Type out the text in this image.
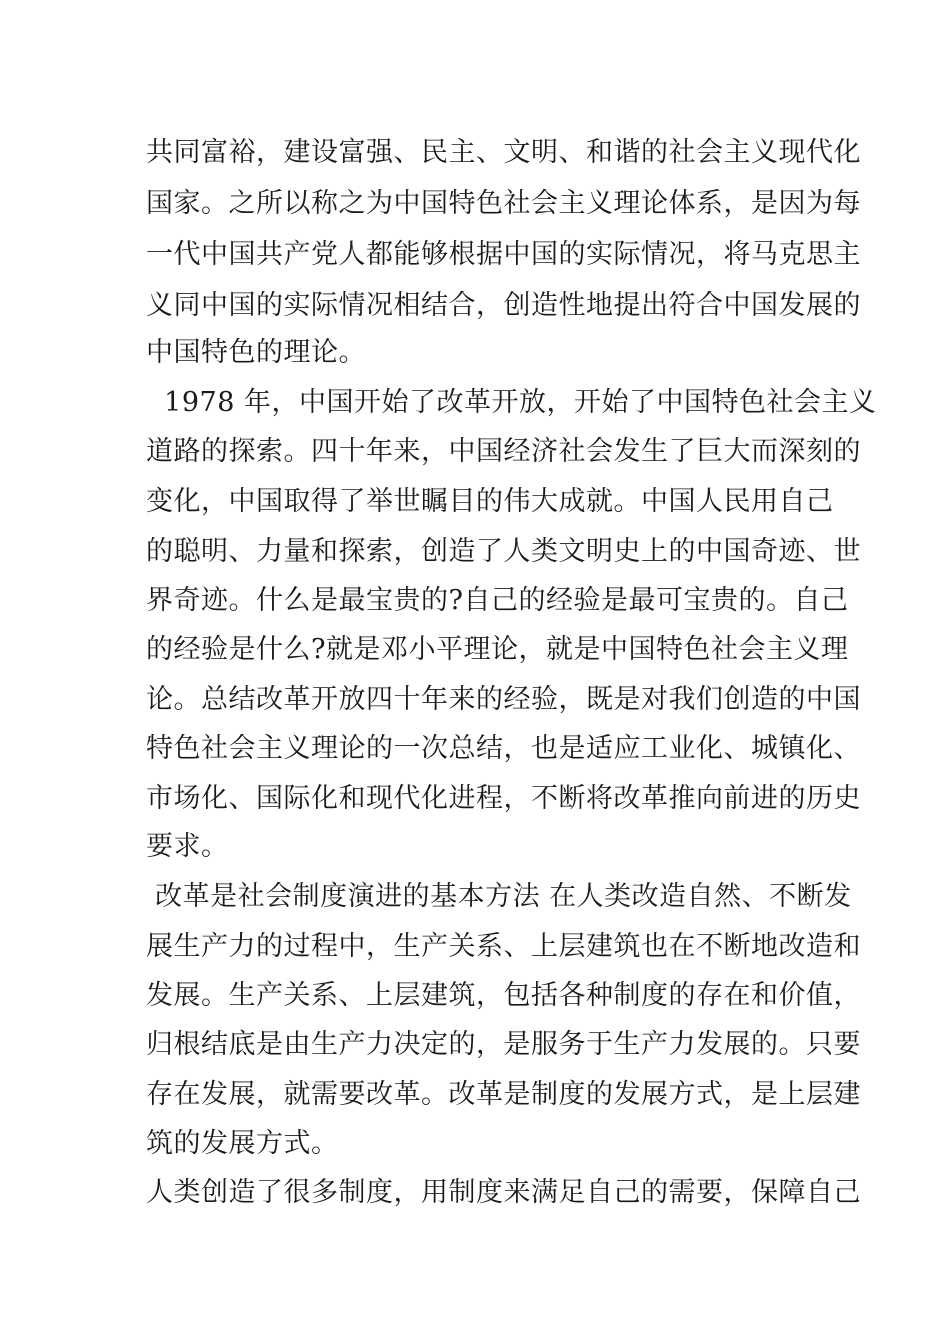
共同富裕，建设富强、民主、文明、和谐的社会主义现代化
国家。之所以称之为中国特色社会主义理论体系，是因为每
一代中国共产党人都能够根据中国的实际情况，将马克思主
义同中国的实际情况相结合，创造性地提出符合中国发展的
中国特色的理论。
1978 年，中国开始了改革开放，开始了中国特色社会主义
道路的探索。四十年来，中国经济社会发生了巨大而深刻的
变化，中国取得了举世瞩目的伟大成就。中国人民用自己
的聪明、力量和探索，创造了人类文明史上的中国奇迹、世
界奇迹。什么是最宝贵的?自己的经验是最可宝贵的。自己
的经验是什么?就是邓小平理论，就是中国特色社会主义理
论。总结改革开放四十年来的经验，既是对我们创造的中国
特色社会主义理论的一次总结，也是适应工业化、城镇化、
市场化、国际化和现代化进程，不断将改革推向前进的历史
要求。
改革是社会制度演进的基本方法 在人类改造自然、不断发
展生产力的过程中，生产关系、上层建筑也在不断地改造和
发展。生产关系、上层建筑，包括各种制度的存在和价值，
归根结底是由生产力决定的，是服务于生产力发展的。只要
存在发展，就需要改革。改革是制度的发展方式，是上层建
筑的发展方式。
人类创造了很多制度，用制度来满足自己的需要，保障自己
